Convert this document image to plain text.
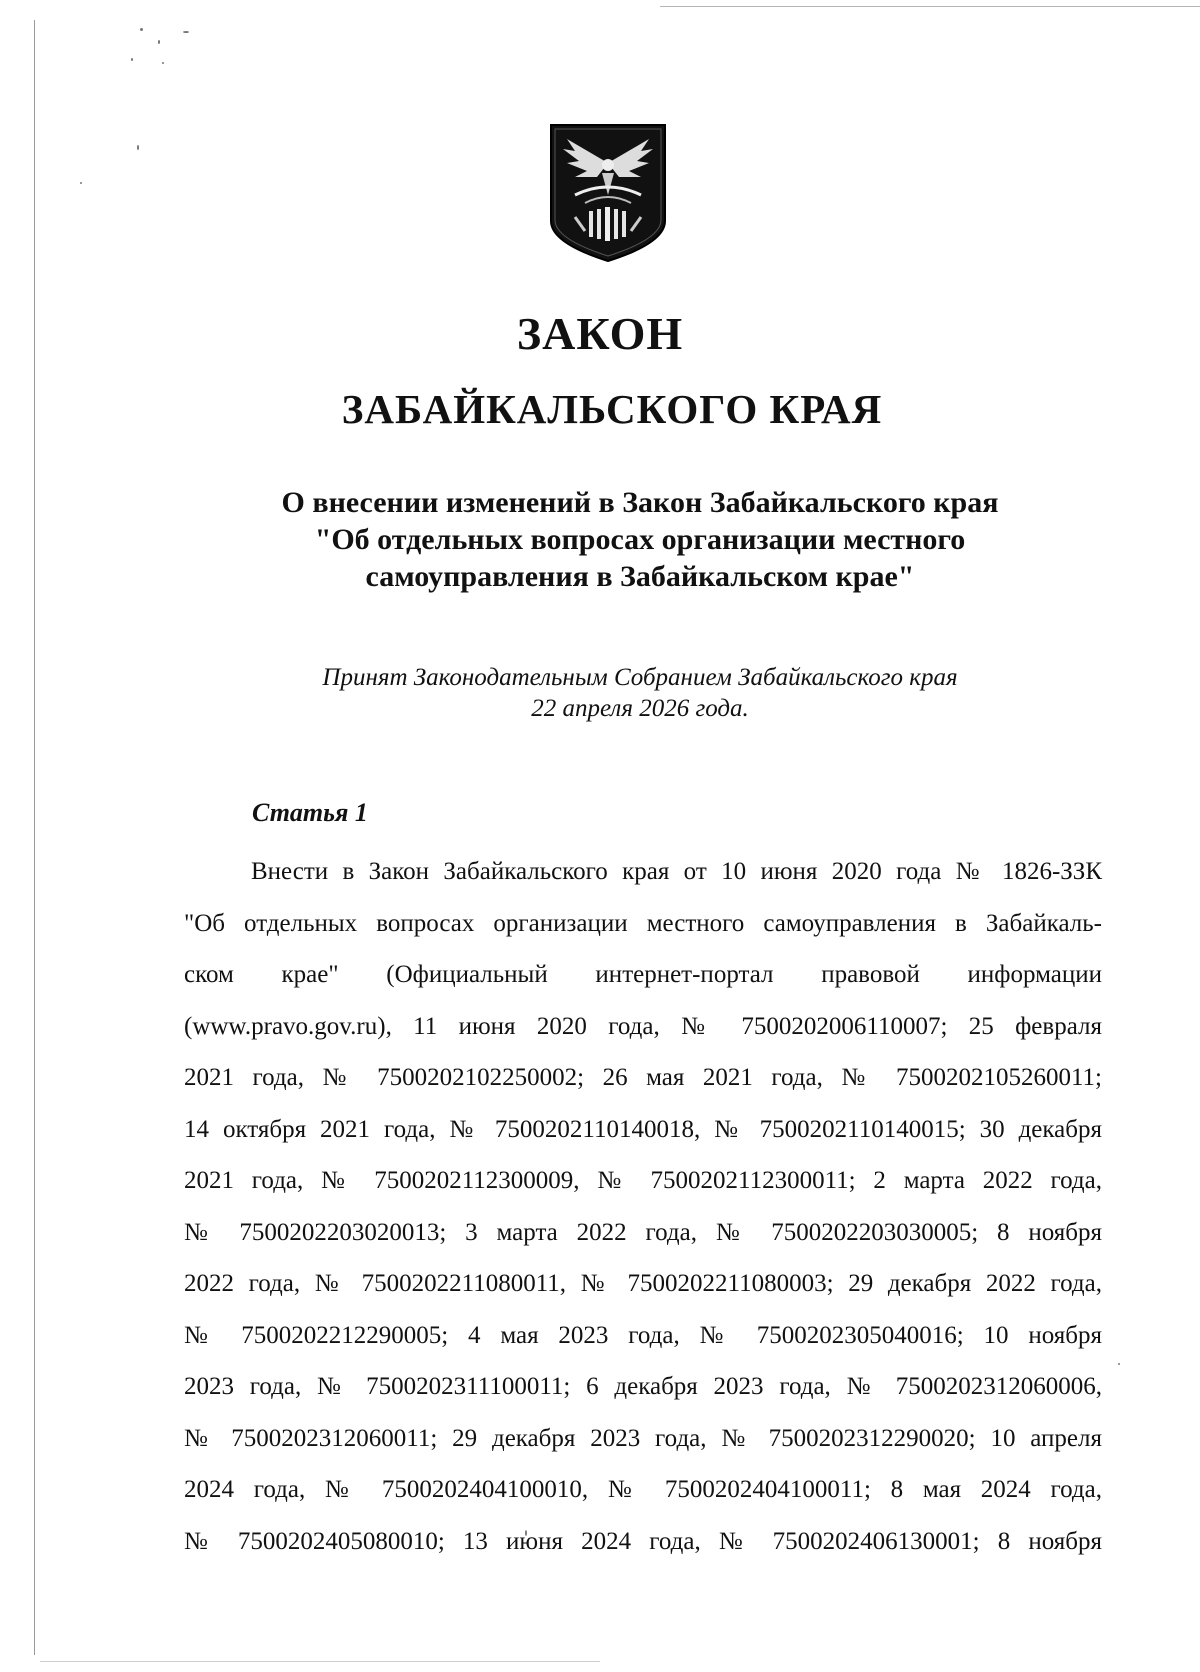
ЗАКОН
ЗАБАЙКАЛЬСКОГО КРАЯ

О внесении изменений в Закон Забайкальского края
"Об отдельных вопросах организации местного
самоуправления в Забайкальском крае"

Принят Законодательным Собранием Забайкальского края
22 апреля 2026 года.

Статья 1
Внести в Закон Забайкальского края от 10 июня 2020 года № 1826-ЗЗК
"Об отдельных вопросах организации местного самоуправления в Забайкаль-
ском крае" (Официальный интернет-портал правовой информации
(www.pravo.gov.ru), 11 июня 2020 года, № 7500202006110007; 25 февраля
2021 года, № 7500202102250002; 26 мая 2021 года, № 7500202105260011;
14 октября 2021 года, № 7500202110140018, № 7500202110140015; 30 декабря
2021 года, № 7500202112300009, № 7500202112300011; 2 марта 2022 года,
№ 7500202203020013; 3 марта 2022 года, № 7500202203030005; 8 ноября
2022 года, № 7500202211080011, № 7500202211080003; 29 декабря 2022 года,
№ 7500202212290005; 4 мая 2023 года, № 7500202305040016; 10 ноября
2023 года, № 7500202311100011; 6 декабря 2023 года, № 7500202312060006,
№ 7500202312060011; 29 декабря 2023 года, № 7500202312290020; 10 апреля
2024 года, № 7500202404100010, № 7500202404100011; 8 мая 2024 года,
№ 7500202405080010; 13 июня 2024 года, № 7500202406130001; 8 ноября
